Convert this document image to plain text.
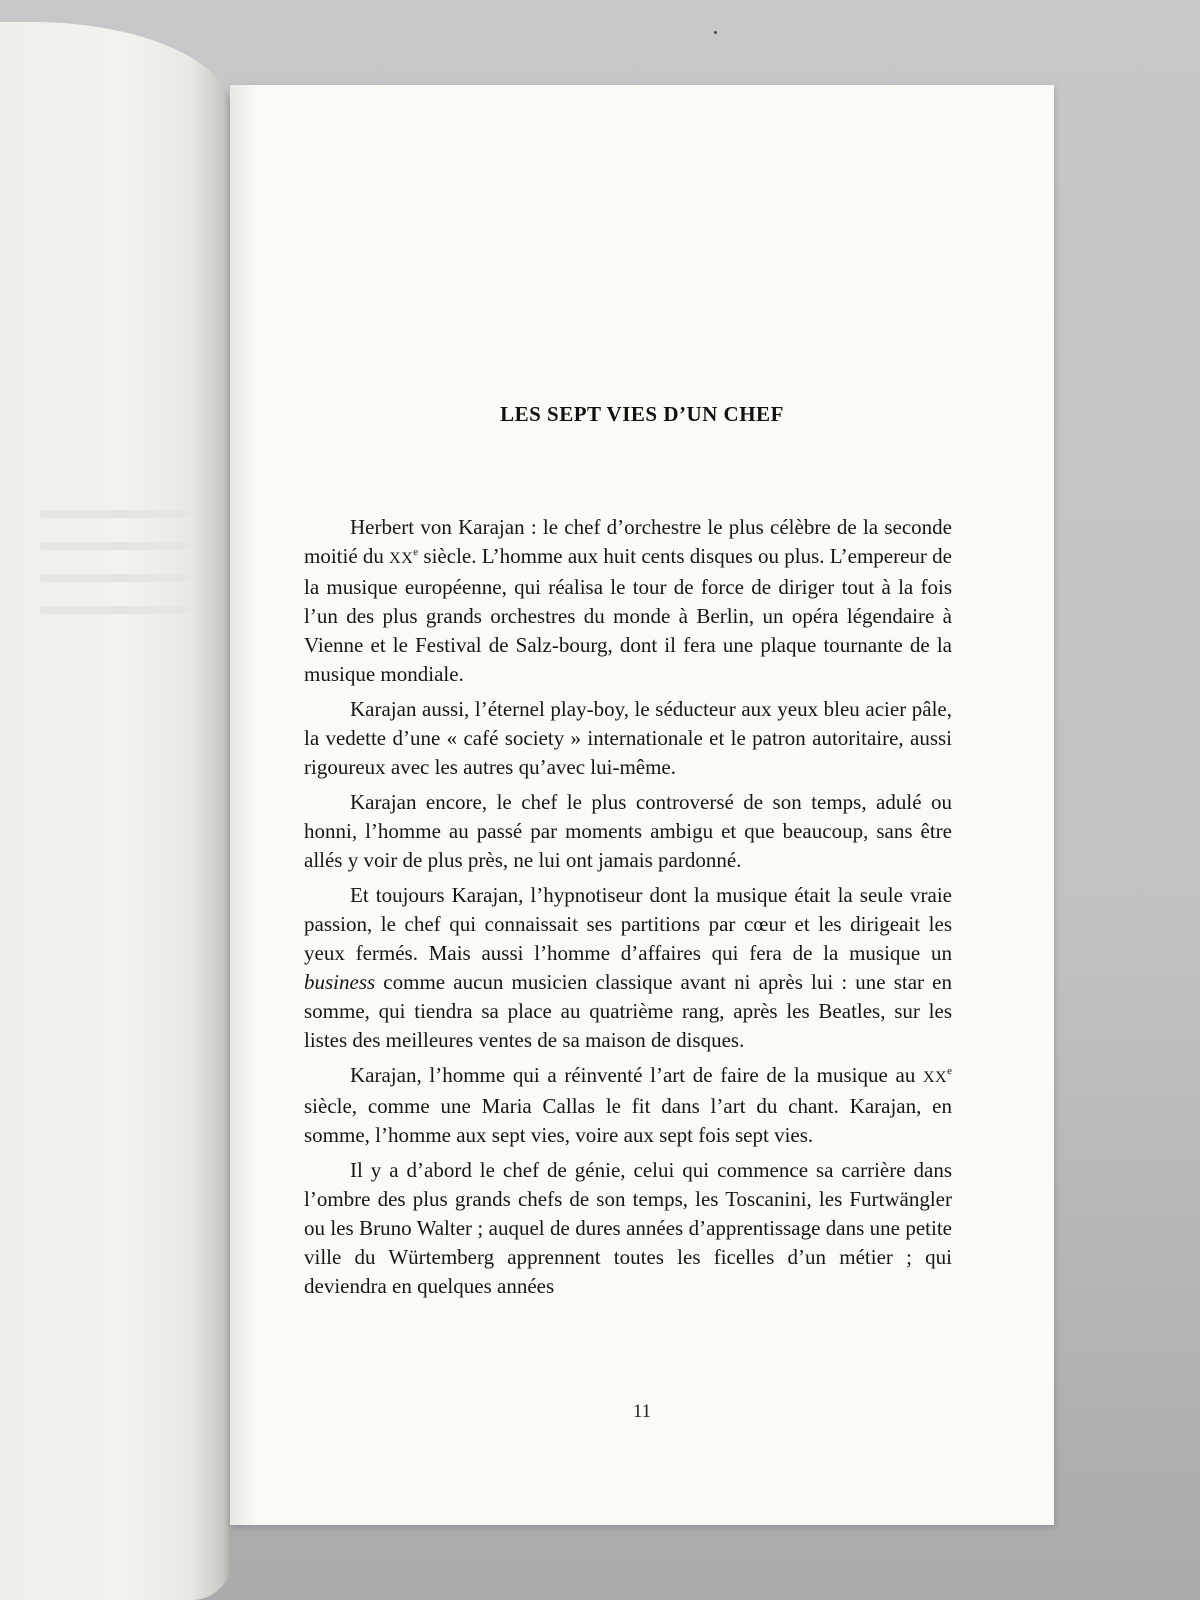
LES SEPT VIES D’UN CHEF

Herbert von Karajan : le chef d’orchestre le plus célèbre de la seconde moitié du XXe siècle. L’homme aux huit cents disques ou plus. L’empereur de la musique européenne, qui réalisa le tour de force de diriger tout à la fois l’un des plus grands orchestres du monde à Berlin, un opéra légendaire à Vienne et le Festival de Salz-bourg, dont il fera une plaque tournante de la musique mondiale.

Karajan aussi, l’éternel play-boy, le séducteur aux yeux bleu acier pâle, la vedette d’une « café society » internationale et le patron autoritaire, aussi rigoureux avec les autres qu’avec lui-même.

Karajan encore, le chef le plus controversé de son temps, adulé ou honni, l’homme au passé par moments ambigu et que beaucoup, sans être allés y voir de plus près, ne lui ont jamais pardonné.

Et toujours Karajan, l’hypnotiseur dont la musique était la seule vraie passion, le chef qui connaissait ses partitions par cœur et les dirigeait les yeux fermés. Mais aussi l’homme d’affaires qui fera de la musique un business comme aucun musicien classique avant ni après lui : une star en somme, qui tiendra sa place au quatrième rang, après les Beatles, sur les listes des meilleures ventes de sa maison de disques.

Karajan, l’homme qui a réinventé l’art de faire de la musique au XXe siècle, comme une Maria Callas le fit dans l’art du chant. Karajan, en somme, l’homme aux sept vies, voire aux sept fois sept vies.

Il y a d’abord le chef de génie, celui qui commence sa carrière dans l’ombre des plus grands chefs de son temps, les Toscanini, les Furtwängler ou les Bruno Walter ; auquel de dures années d’apprentissage dans une petite ville du Würtemberg apprennent toutes les ficelles d’un métier ; qui deviendra en quelques années

11
